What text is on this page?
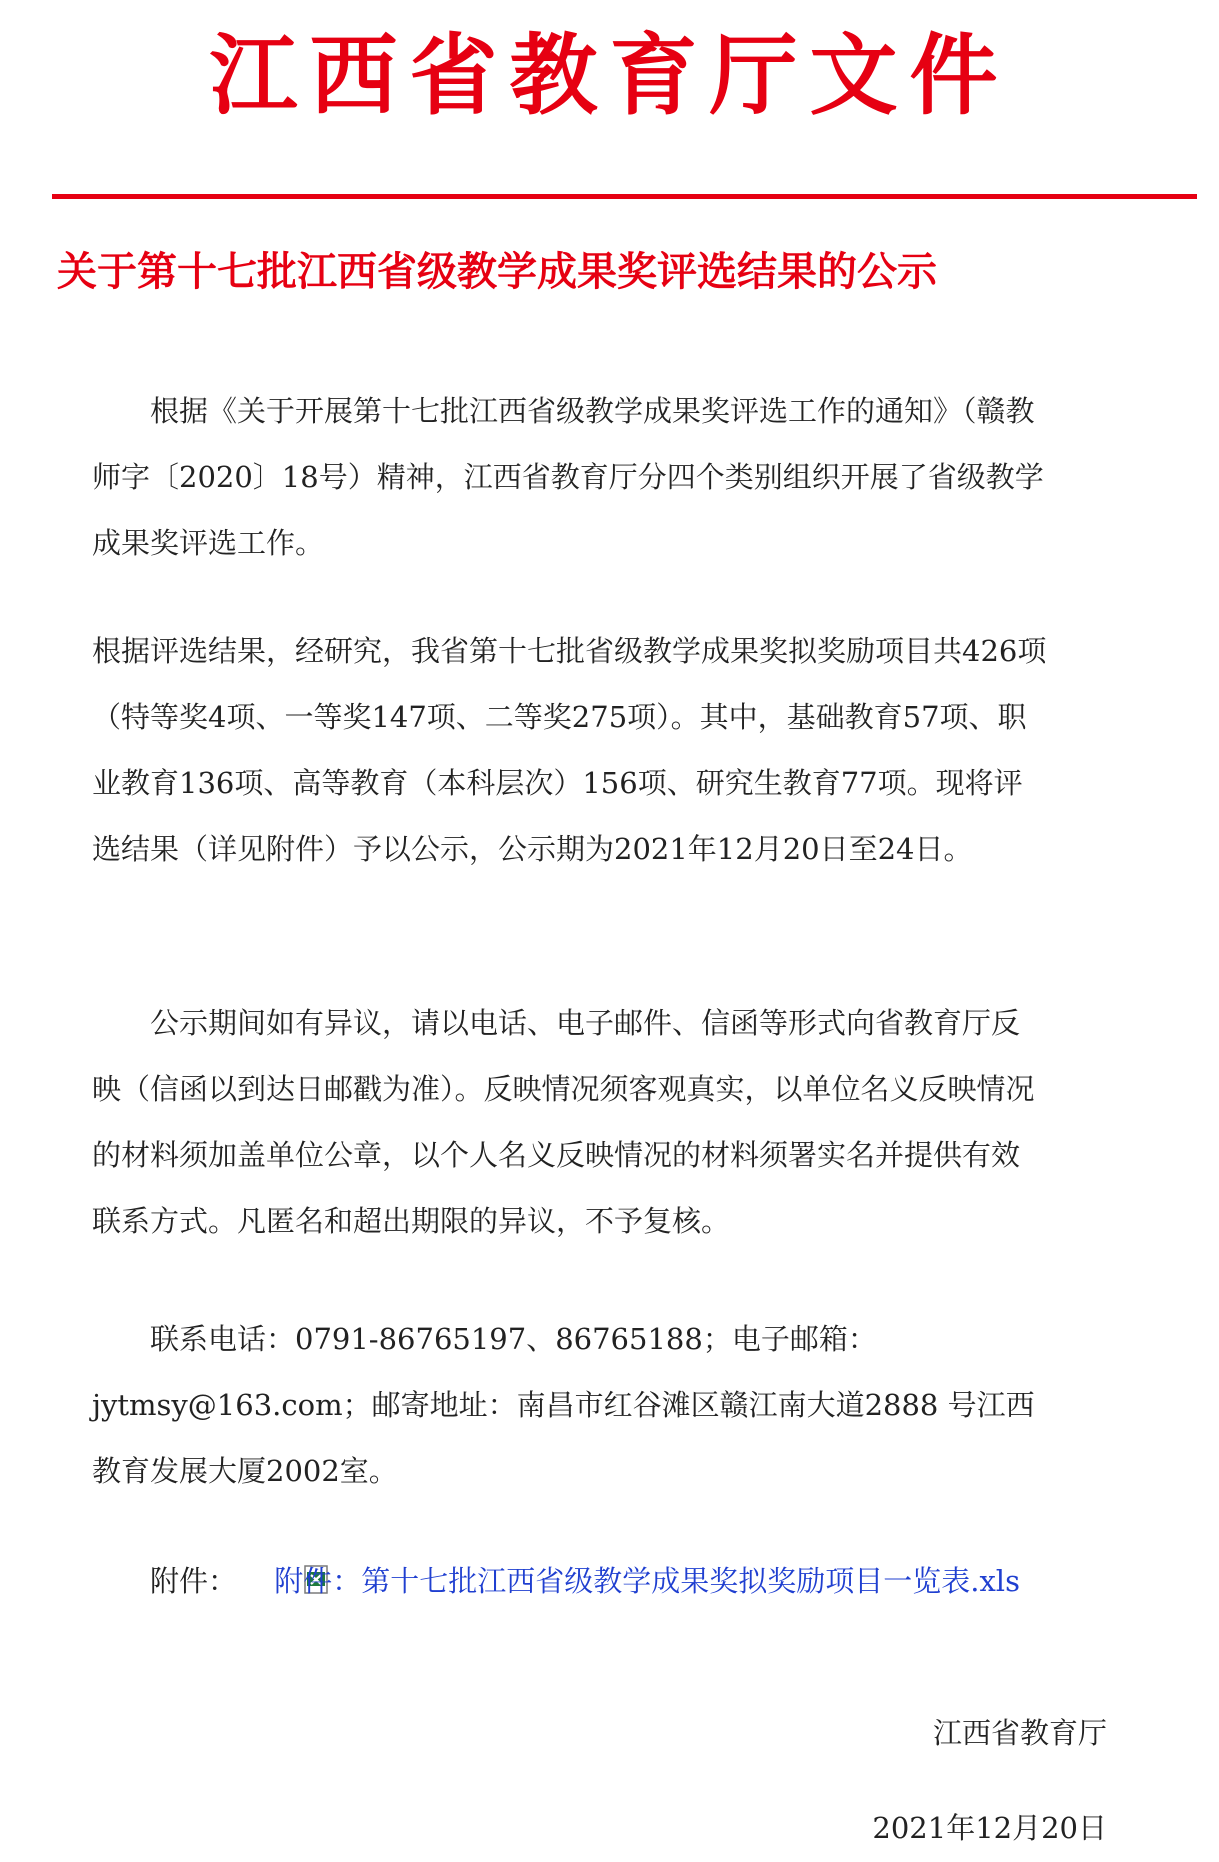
江西省教育厅文件
关于第十七批江西省级教学成果奖评选结果的公示

根据《关于开展第十七批江西省级教学成果奖评选工作的通知》（赣教师字〔2020〕18号）精神，江西省教育厅分四个类别组织开展了省级教学成果奖评选工作。

根据评选结果，经研究，我省第十七批省级教学成果奖拟奖励项目共426项（特等奖4项、一等奖147项、二等奖275项）。其中，基础教育57项、职业教育136项、高等教育（本科层次）156项、研究生教育77项。现将评选结果（详见附件）予以公示，公示期为2021年12月20日至24日。

公示期间如有异议，请以电话、电子邮件、信函等形式向省教育厅反映（信函以到达日邮戳为准）。反映情况须客观真实，以单位名义反映情况的材料须加盖单位公章，以个人名义反映情况的材料须署实名并提供有效联系方式。凡匿名和超出期限的异议，不予复核。

联系电话：0791-86765197、86765188；电子邮箱：jytmsy@163.com；邮寄地址：南昌市红谷滩区赣江南大道2888 号江西教育发展大厦2002室。

附件： 附件：第十七批江西省级教学成果奖拟奖励项目一览表.xls

江西省教育厅

2021年12月20日
